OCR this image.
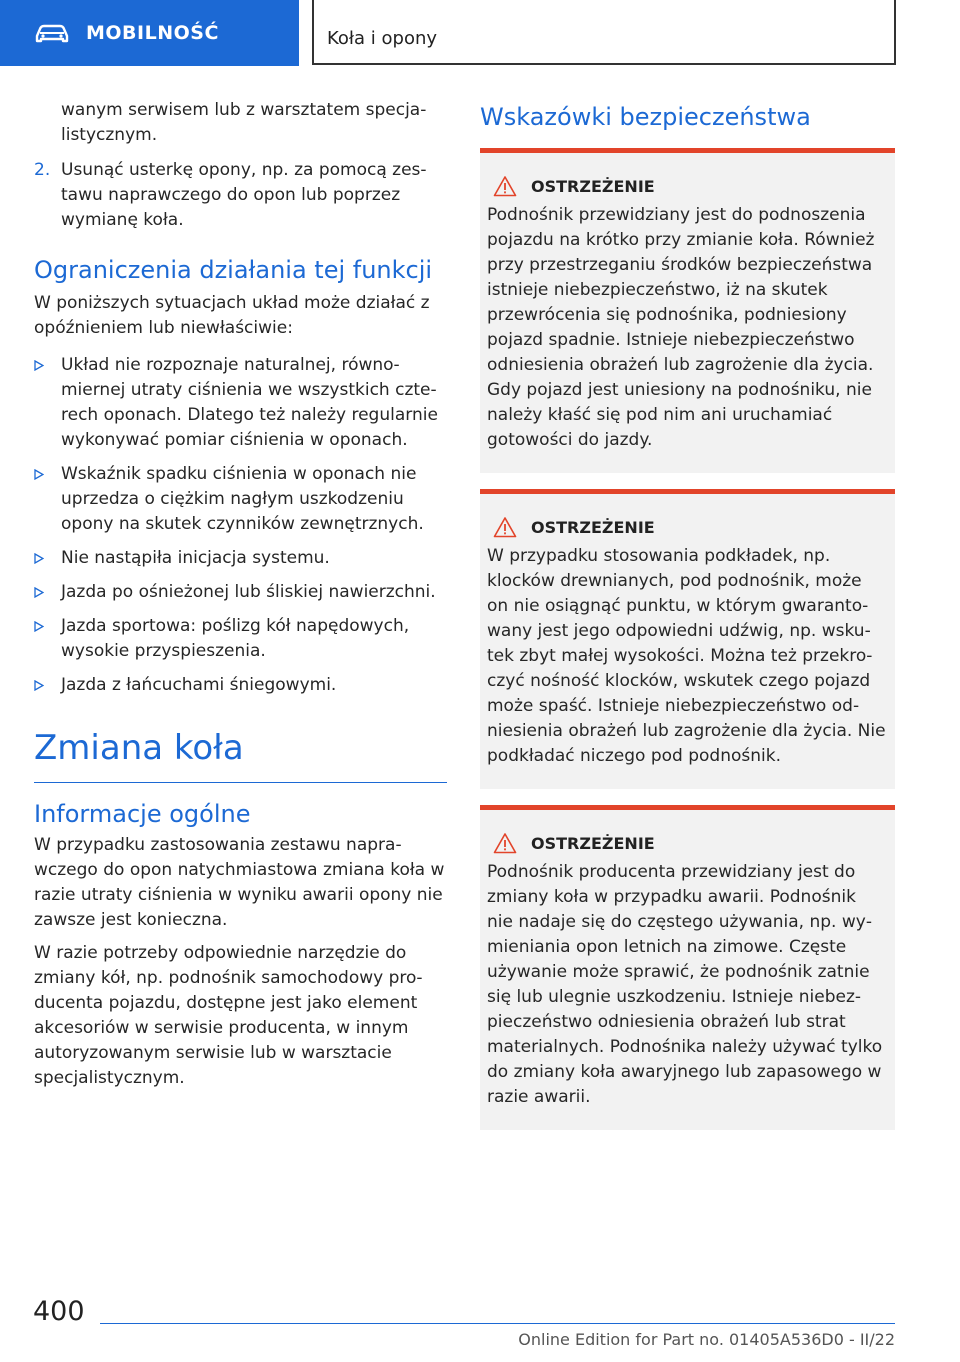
MOBILNOŚĆ	Koła i opony

wanym serwisem lub z warsztatem specjalistycznym.

2. Usunąć usterkę opony, np. za pomocą zestawu naprawczego do opon lub poprzez wymianę koła.

Ograniczenia działania tej funkcji

W poniższych sytuacjach układ może działać z opóźnieniem lub niewłaściwie:

Układ nie rozpoznaje naturalnej, równomiernej utraty ciśnienia we wszystkich czterech oponach. Dlatego też należy regularnie wykonywać pomiar ciśnienia w oponach.

Wskaźnik spadku ciśnienia w oponach nie uprzedza o ciężkim nagłym uszkodzeniu opony na skutek czynników zewnętrznych.

Nie nastąpiła inicjacja systemu.

Jazda po ośnieżonej lub śliskiej nawierzchni.

Jazda sportowa: poślizg kół napędowych, wysokie przyspieszenia.

Jazda z łańcuchami śniegowymi.

Zmiana koła
Informacje ogólne

W przypadku zastosowania zestawu naprawczego do opon natychmiastowa zmiana koła w razie utraty ciśnienia w wyniku awarii opony nie zawsze jest konieczna.

W razie potrzeby odpowiednie narzędzie do zmiany kół, np. podnośnik samochodowy producenta pojazdu, dostępne jest jako element akcesoriów w serwisie producenta, w innym autoryzowanym serwisie lub w warsztacie specjalistycznym.

Wskazówki bezpieczeństwa
OSTRZEŻENIE

Podnośnik przewidziany jest do podnoszenia pojazdu na krótko przy zmianie koła. Również przy przestrzeganiu środków bezpieczeństwa istnieje niebezpieczeństwo, iż na skutek przewrócenia się podnośnika, podniesiony pojazd spadnie. Istnieje niebezpieczeństwo odniesienia obrażeń lub zagrożenie dla życia. Gdy pojazd jest uniesiony na podnośniku, nie należy kłaść się pod nim ani uruchamiać gotowości do jazdy.

OSTRZEŻENIE

W przypadku stosowania podkładek, np. klocków drewnianych, pod podnośnik, może on nie osiągnąć punktu, w którym gwarantowany jest jego odpowiedni udźwig, np. wskutek zbyt małej wysokości. Można też przekroczyć nośność klocków, wskutek czego pojazd może spaść. Istnieje niebezpieczeństwo odniesienia obrażeń lub zagrożenie dla życia. Nie podkładać niczego pod podnośnik.

OSTRZEŻENIE

Podnośnik producenta przewidziany jest do zmiany koła w przypadku awarii. Podnośnik nie nadaje się do częstego używania, np. wymieniania opon letnich na zimowe. Częste używanie może sprawić, że podnośnik zatnie się lub ulegnie uszkodzeniu. Istnieje niebezpieczeństwo odniesienia obrażeń lub strat materialnych. Podnośnika należy używać tylko do zmiany koła awaryjnego lub zapasowego w razie awarii.

400
Online Edition for Part no. 01405A536D0 - II/22
